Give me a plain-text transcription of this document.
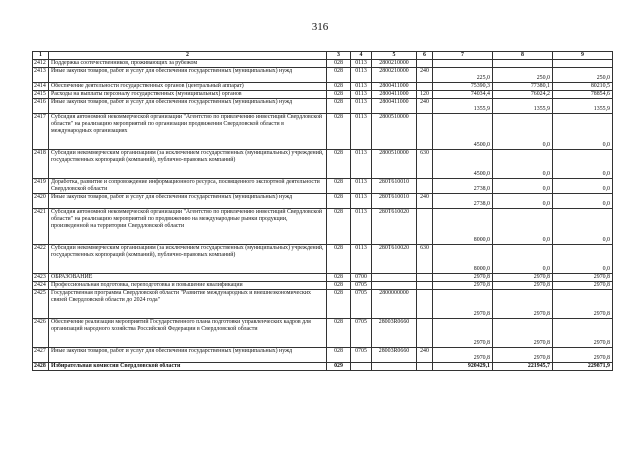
316
1	2	3	4	5	6	7	8	9
2412	Поддержка соотечественников, проживающих за рубежом	028	0113	2800210000				
2413	Иные закупки товаров, работ и услуг для обеспечения государственных (муниципальных) нужд	028	0113	2800210000	240	225,0	250,0	250,0
2414	Обеспечение деятельности государственных органов (центральный аппарат)	028	0113	2800411000		75390,3	77380,1	80210,5
2415	Расходы на выплаты персоналу государственных (муниципальных) органов	028	0113	2800411000	120	74034,4	76024,2	78854,6
2416	Иные закупки товаров, работ и услуг для обеспечения государственных (муниципальных) нужд	028	0113	2800411000	240	1355,9	1355,9	1355,9
2417	Субсидия автономной некоммерческой организации "Агентство по привлечению инвестиций Свердловской области" на реализацию мероприятий по организации продвижения Свердловской области в международных организациях	028	0113	2800510000		4500,0	0,0	0,0
2418	Субсидии некоммерческим организациям (за исключением государственных (муниципальных) учреждений, государственных корпораций (компаний), публично-правовых компаний)	028	0113	2800510000	630	4500,0	0,0	0,0
2419	Доработка, развитие и сопровождение информационного ресурса, посвященного экспортной деятельности Свердловской области	028	0113	280Т610010		2738,0	0,0	0,0
2420	Иные закупки товаров, работ и услуг для обеспечения государственных (муниципальных) нужд	028	0113	280Т610010	240	2738,0	0,0	0,0
2421	Субсидия автономной некоммерческой организации "Агентство по привлечению инвестиций Свердловской области" на реализацию мероприятий по продвижению на международные рынки продукции, произведенной на территории Свердловской области	028	0113	280Т610020		8000,0	0,0	0,0
2422	Субсидии некоммерческим организациям (за исключением государственных (муниципальных) учреждений, государственных корпораций (компаний), публично-правовых компаний)	028	0113	280Т610020	630	8000,0	0,0	0,0
2423	ОБРАЗОВАНИЕ	028	0700			2970,8	2970,8	2970,8
2424	Профессиональная подготовка, переподготовка и повышение квалификации	028	0705			2970,8	2970,8	2970,8
2425	Государственная программа Свердловской области "Развитие международных и внешнеэкономических связей Свердловской области до 2024 года"	028	0705	2800000000		2970,8	2970,8	2970,8
2426	Обеспечение реализации мероприятий Государственного плана подготовки управленческих кадров для организаций народного хозяйства Российской Федерации в Свердловской области	028	0705	28003R0660		2970,8	2970,8	2970,8
2427	Иные закупки товаров, работ и услуг для обеспечения государственных (муниципальных) нужд	028	0705	28003R0660	240	2970,8	2970,8	2970,8
2428	Избирательная комиссия Свердловской области	029				920429,1	221945,7	229871,9
